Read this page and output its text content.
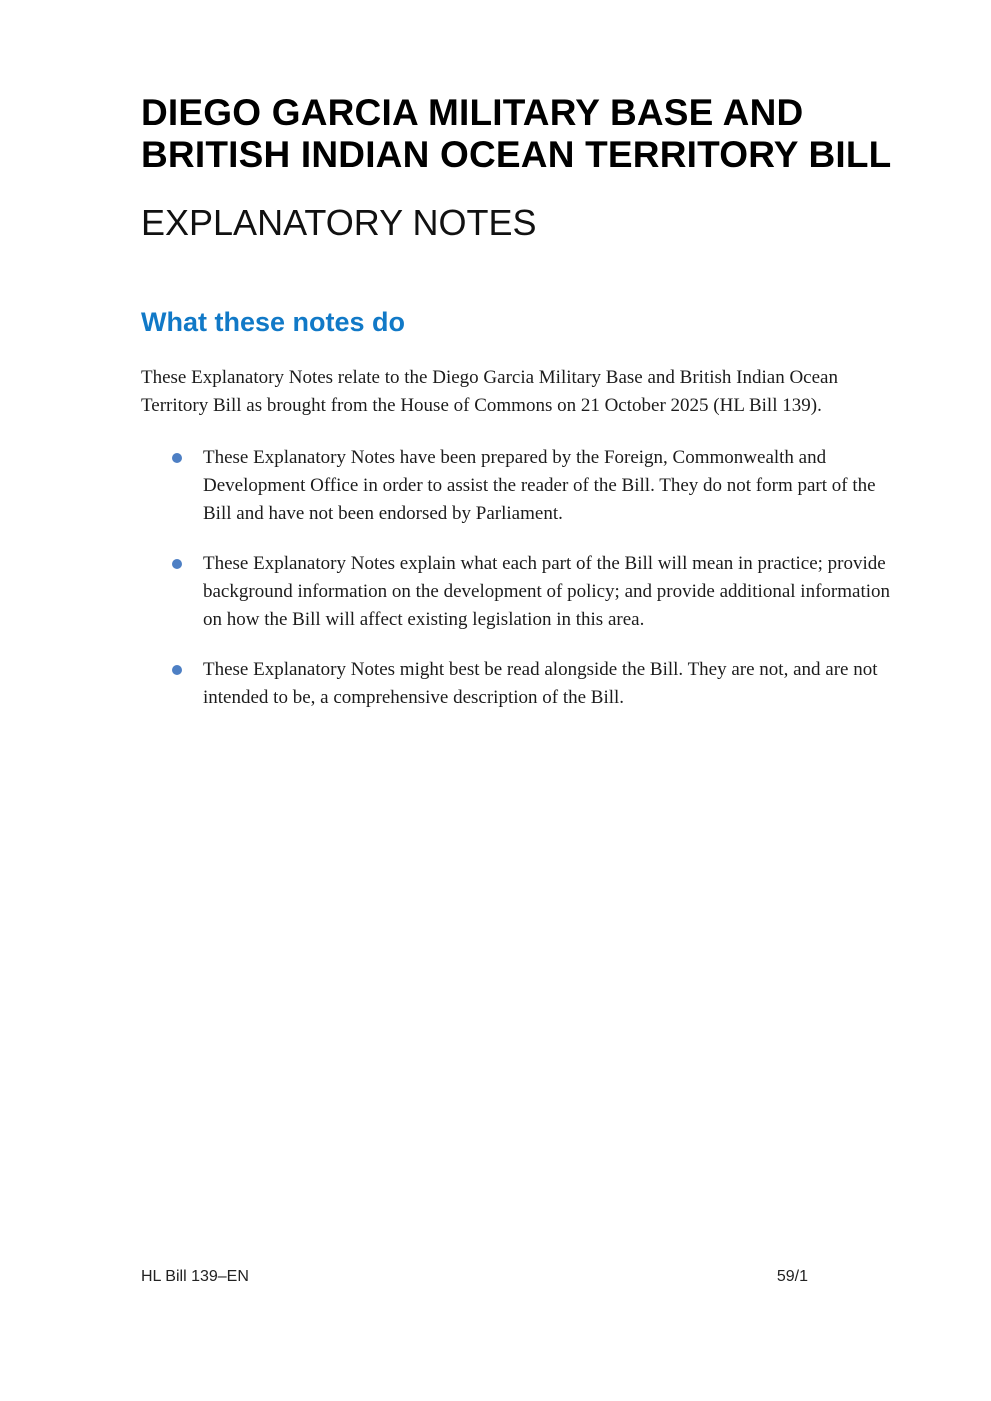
DIEGO GARCIA MILITARY BASE AND
BRITISH INDIAN OCEAN TERRITORY BILL
EXPLANATORY NOTES
What these notes do

These Explanatory Notes relate to the Diego Garcia Military Base and British Indian Ocean Territory Bill as brought from the House of Commons on 21 October 2025 (HL Bill 139).

These Explanatory Notes have been prepared by the Foreign, Commonwealth and Development Office in order to assist the reader of the Bill. They do not form part of the Bill and have not been endorsed by Parliament.
These Explanatory Notes explain what each part of the Bill will mean in practice; provide background information on the development of policy; and provide additional information on how the Bill will affect existing legislation in this area.
These Explanatory Notes might best be read alongside the Bill. They are not, and are not intended to be, a comprehensive description of the Bill.
HL Bill 139–EN	59/1
